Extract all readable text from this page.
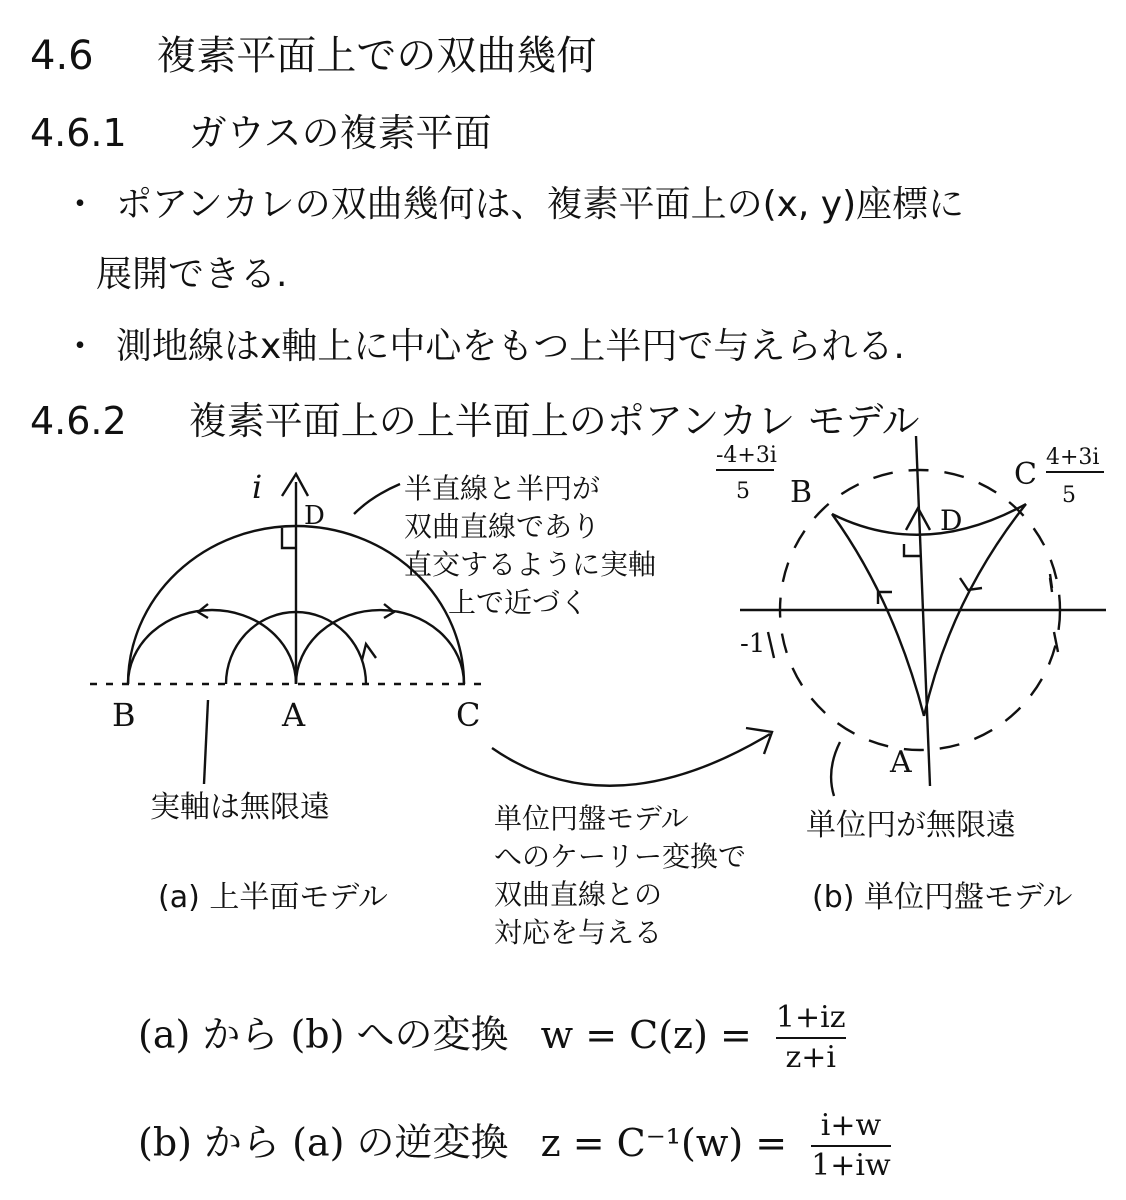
4.6 複素平面上での双曲幾何
4.6.1 ガウスの複素平面
・ ポアンカレの双曲幾何は、複素平面上の(x, y)座標に
展開できる.
・ 測地線はx軸上に中心をもつ上半円で与えられる.
4.6.2 複素平面上の上半面上のポアンカレ モデル
i
D
B	A	C
D
B
C
A
-1
-4+3i
5
4+3i
5
半直線と半円が
双曲直線であり
直交するように実軸
上で近づく
実軸は無限遠
(a) 上半面モデル
単位円盤モデル
へのケーリー変換で
双曲直線との
対応を与える
単位円が無限遠
(b) 単位円盤モデル
(a) から (b) への変換 $w = C(z) = \frac{1+iz}{z+i}$
(b) から (a) の逆変換 $z = C^{-1}(w) = \frac{i+w}{1+iw}$
